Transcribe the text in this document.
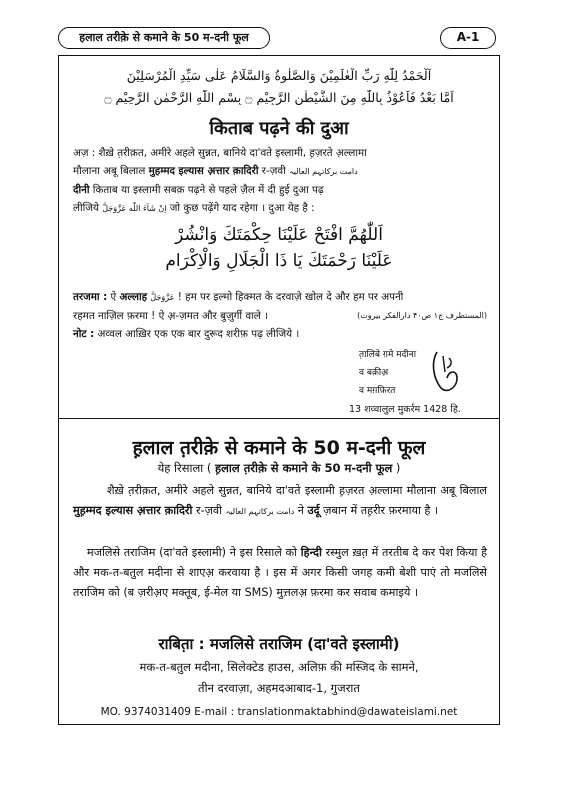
हलाल तरीक़े से कमाने के 50 म-दनी फूल	A-1
اَلْحَمْدُ لِلّٰهِ رَبِّ الْعٰلَمِيْنَ وَالصَّلٰوةُ وَالسَّلَامُ عَلٰى سَيِّدِ الْمُرْسَلِيْنَ
اَمَّا بَعْدُ فَاَعُوْذُ بِاللّٰهِ مِنَ الشَّيْطٰنِ الرَّجِيْمِ ۝ بِسْمِ اللّٰهِ الرَّحْمٰنِ الرَّحِيْمِ ۝
किताब पढ़ने की दुआ
अज़ : शैख़े त़रीक़त, अमीरे अहले सुन्नत, बानिये दा'वते इस्लामी, ह़ज़रते अ़ल्लामा
मौलाना अबू बिलाल मुहम्मद इल्यास अ़त्तार क़ादिरी र-ज़वी دامت برکاتہم العالیہ
दीनी किताब या इस्लामी सबक़ पढ़ने से पहले ज़ैल में दी हुई दुआ पढ़
लीजिये اِنْ شَآءَ اللّٰه عَزَّوَجَلَّ जो कुछ पढ़ेंगे याद रहेगा । दुआ येह है :
اَللّٰهُمَّ افْتَحْ عَلَيْنَا حِكْمَتَكَ وَانْشُرْ
عَلَيْنَا رَحْمَتَكَ يَا ذَا الْجَلَالِ وَالْاِكْرَام
तरजमा : ऐ अल्लाह عَزَّوَجَلَّ ! हम पर इल्मो हिक्मत के दरवाज़े खोल दे और हम पर अपनी
रहमत नाज़िल फ़रमा ! ऐ अ़-ज़मत और बुज़ुर्गी वाले ।	(المستطرف ج۱ ص۴۰ دارالفکر بیروت)
नोट : अव्वल आख़िर एक एक बार दुरूद शरीफ़ पढ़ लीजिये ।
त़ालिबे ग़मे मदीना
व बक़ीअ़
व मग़फ़िरत
13 शव्वालुल मुकर्रम 1428 हि.
ह़लाल त़रीक़े से कमाने के 50 म-दनी फूल
येह रिसाला ( ह़लाल त़रीक़े से कमाने के 50 म-दनी फूल )
शैख़े त़रीक़त, अमीरे अहले सुन्नत, बानिये दा'वते इस्लामी ह़ज़रत अ़ल्लामा मौलाना अबू बिलाल मुह़म्मद इल्यास अ़त्तार क़ादिरी र-ज़वी دامت برکاتہم العالیہ ने उर्दू ज़बान में तह़रीर फ़रमाया है ।
मजलिसे तराजिम (दा'वते इस्लामी) ने इस रिसाले को हिन्दी रस्मुल ख़त़ में तरतीब दे कर पेश किया है और मक-त-बतुल मदीना से शाएअ़ करवाया है । इस में अगर किसी जगह कमी बेशी पाएं तो मजलिसे तराजिम को (ब ज़रीअ़ए मक्तूब, ई-मेल या SMS) मुत्त़लअ़ फ़रमा कर सवाब कमाइये ।
राबित़ा : मजलिसे तराजिम (दा'वते इस्लामी)
मक-त-बतुल मदीना, सिलेक्टेड हाउस, अलिफ़ की मस्जिद के सामने,
तीन दरवाज़ा, अहमदआबाद-1, गुजरात
MO. 9374031409 E-mail : translationmaktabhind@dawateislami.net
